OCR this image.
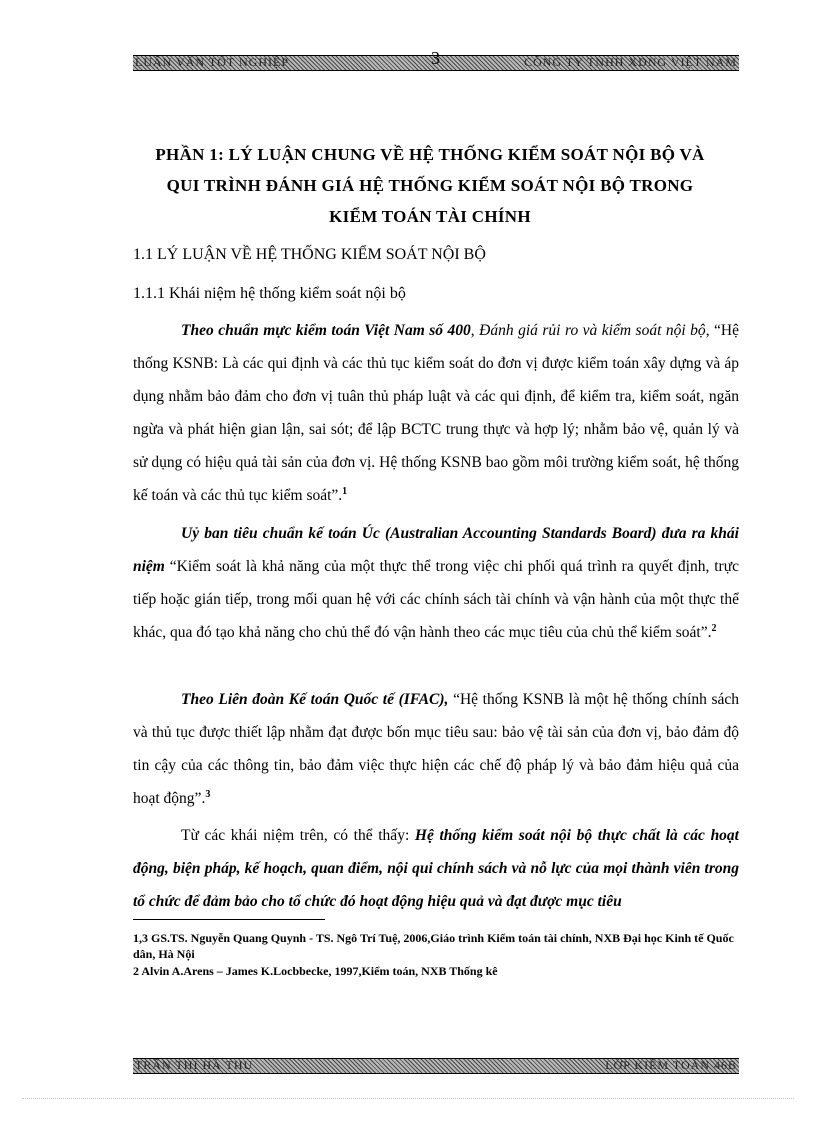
LUẬN VĂN TỐT NGHIỆP	CÔNG TY TNHH XDNG VIỆT NAM
3
PHẦN 1: LÝ LUẬN CHUNG VỀ HỆ THỐNG KIỂM SOÁT NỘI BỘ VÀ
QUI TRÌNH ĐÁNH GIÁ HỆ THỐNG KIỂM SOÁT NỘI BỘ TRONG
KIỂM TOÁN TÀI CHÍNH
1.1 LÝ LUẬN VỀ HỆ THỐNG KIỂM SOÁT NỘI BỘ
1.1.1 Khái niệm hệ thống kiểm soát nội bộ

Theo chuẩn mực kiểm toán Việt Nam số 400, Đánh giá rủi ro và kiểm soát nội bộ, “Hệ thống KSNB: Là các qui định và các thủ tục kiểm soát do đơn vị được kiểm toán xây dựng và áp dụng nhằm bảo đảm cho đơn vị tuân thủ pháp luật và các qui định, để kiểm tra, kiểm soát, ngăn ngừa và phát hiện gian lận, sai sót; để lập BCTC trung thực và hợp lý; nhằm bảo vệ, quản lý và sử dụng có hiệu quả tài sản của đơn vị. Hệ thống KSNB bao gồm môi trường kiểm soát, hệ thống kế toán và các thủ tục kiểm soát”.$^1$

Uỷ ban tiêu chuẩn kế toán Úc (Australian Accounting Standards Board) đưa ra khái niệm “Kiểm soát là khả năng của một thực thể trong việc chi phối quá trình ra quyết định, trực tiếp hoặc gián tiếp, trong mối quan hệ với các chính sách tài chính và vận hành của một thực thể khác, qua đó tạo khả năng cho chủ thể đó vận hành theo các mục tiêu của chủ thể kiểm soát”.$^2$

Theo Liên đoàn Kế toán Quốc tế (IFAC), “Hệ thống KSNB là một hệ thống chính sách và thủ tục được thiết lập nhằm đạt được bốn mục tiêu sau: bảo vệ tài sản của đơn vị, bảo đảm độ tin cậy của các thông tin, bảo đảm việc thực hiện các chế độ pháp lý và bảo đảm hiệu quả của hoạt động”.$^3$

Từ các khái niệm trên, có thể thấy: Hệ thống kiểm soát nội bộ thực chất là các hoạt động, biện pháp, kế hoạch, quan điểm, nội qui chính sách và nỗ lực của mọi thành viên trong tổ chức để đảm bảo cho tổ chức đó hoạt động hiệu quả và đạt được mục tiêu

1,3 GS.TS. Nguyễn Quang Quynh - TS. Ngô Trí Tuệ, 2006,Giáo trình Kiểm toán tài chính, NXB Đại học Kinh tế Quốc dân, Hà Nội

2 Alvin A.Arens – James K.Locbbecke, 1997,Kiểm toán, NXB Thống kê

TRẦN THỊ HÀ THU	LỚP KIỂM TOÁN 46B
